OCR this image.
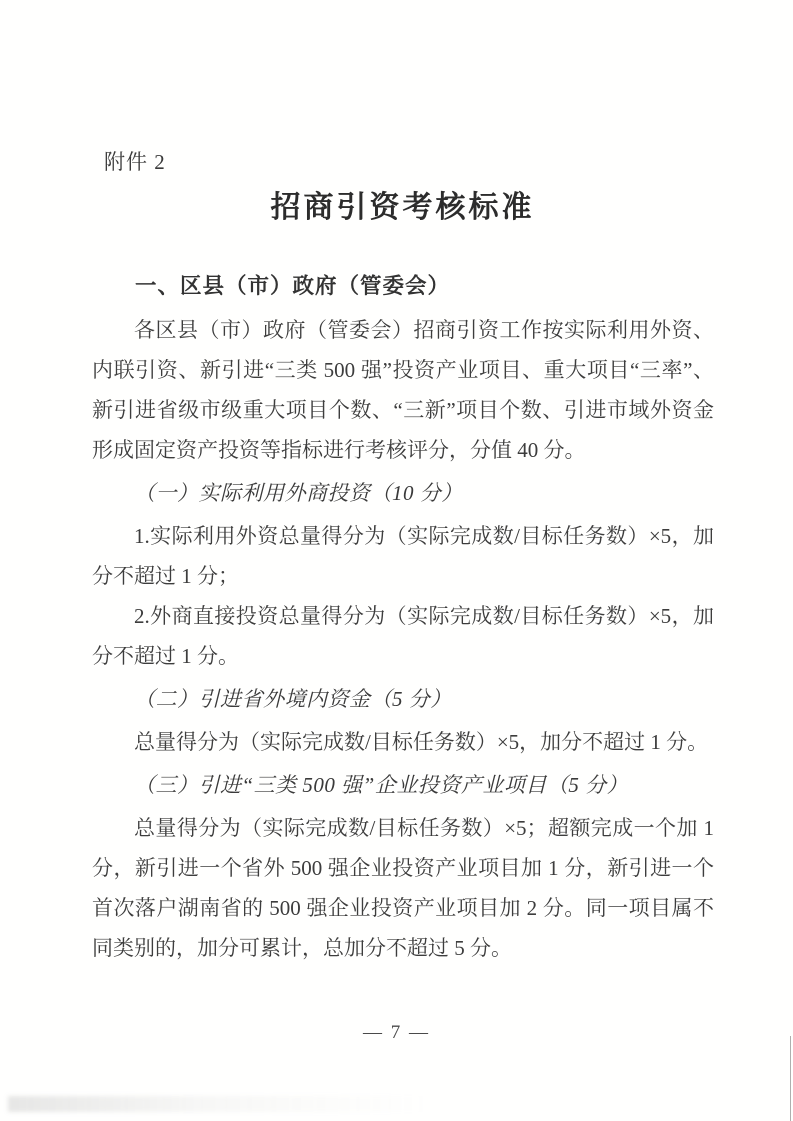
附件 2
招商引资考核标准
一、区县（市）政府（管委会）

各区县（市）政府（管委会）招商引资工作按实际利用外资、内联引资、新引进“三类 500 强”投资产业项目、重大项目“三率”、新引进省级市级重大项目个数、“三新”项目个数、引进市域外资金形成固定资产投资等指标进行考核评分，分值 40 分。

（一）实际利用外商投资（10 分）

1.实际利用外资总量得分为（实际完成数/目标任务数）×5，加分不超过 1 分；

2.外商直接投资总量得分为（实际完成数/目标任务数）×5，加分不超过 1 分。

（二）引进省外境内资金（5 分）

总量得分为（实际完成数/目标任务数）×5，加分不超过 1 分。

（三）引进“三类 500 强”企业投资产业项目（5 分）

总量得分为（实际完成数/目标任务数）×5；超额完成一个加 1 分，新引进一个省外 500 强企业投资产业项目加 1 分，新引进一个首次落户湖南省的 500 强企业投资产业项目加 2 分。同一项目属不同类别的，加分可累计，总加分不超过 5 分。

— 7 —
